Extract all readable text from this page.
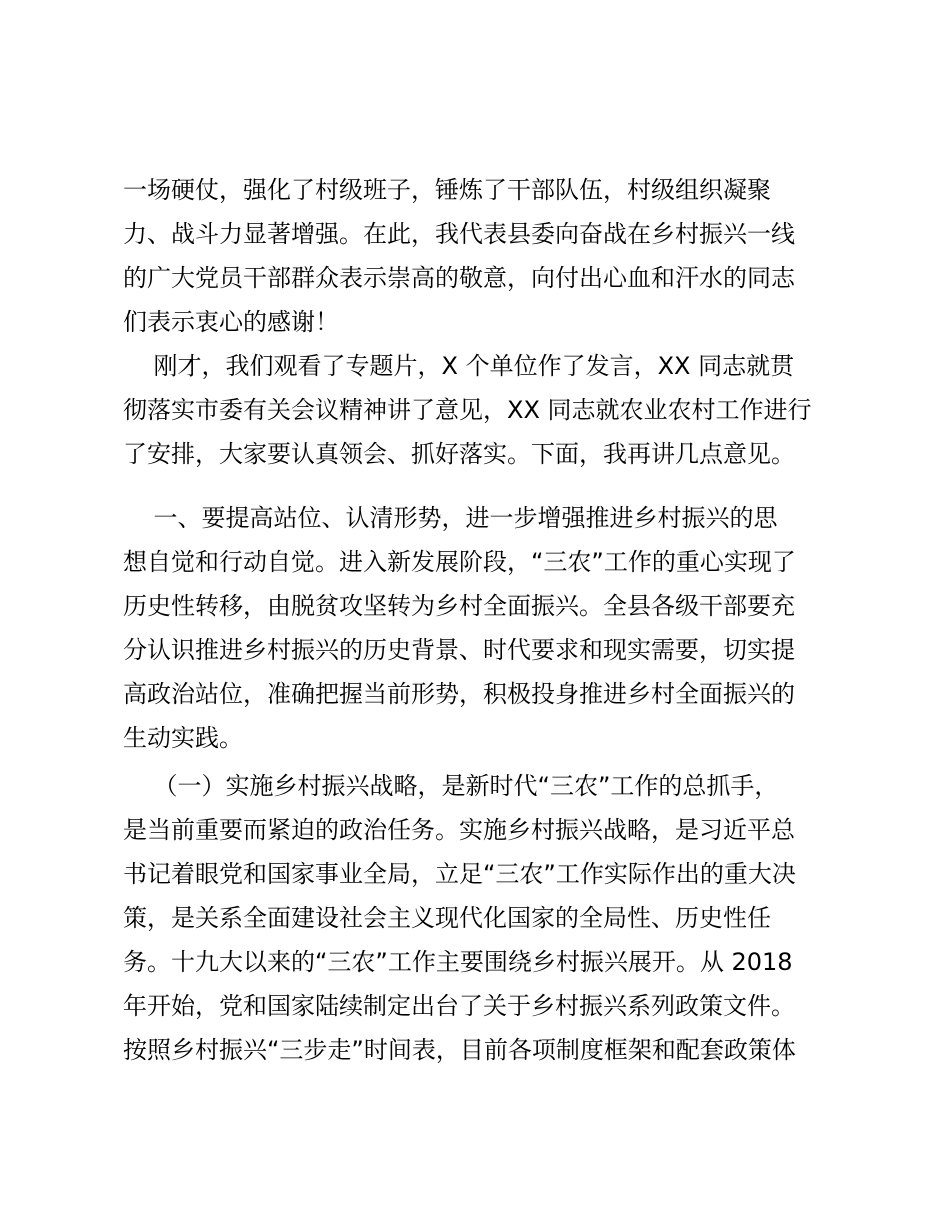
一场硬仗，强化了村级班子，锤炼了干部队伍，村级组织凝聚
力、战斗力显著增强。在此，我代表县委向奋战在乡村振兴一线
的广大党员干部群众表示崇高的敬意，向付出心血和汗水的同志
们表示衷心的感谢！
刚才，我们观看了专题片，X 个单位作了发言，XX 同志就贯
彻落实市委有关会议精神讲了意见，XX 同志就农业农村工作进行
了安排，大家要认真领会、抓好落实。下面，我再讲几点意见。
一、要提高站位、认清形势，进一步增强推进乡村振兴的思
想自觉和行动自觉。进入新发展阶段，“三农”工作的重心实现了
历史性转移，由脱贫攻坚转为乡村全面振兴。全县各级干部要充
分认识推进乡村振兴的历史背景、时代要求和现实需要，切实提
高政治站位，准确把握当前形势，积极投身推进乡村全面振兴的
生动实践。
（一）实施乡村振兴战略，是新时代“三农”工作的总抓手，
是当前重要而紧迫的政治任务。实施乡村振兴战略，是习近平总
书记着眼党和国家事业全局，立足“三农”工作实际作出的重大决
策，是关系全面建设社会主义现代化国家的全局性、历史性任
务。十九大以来的“三农”工作主要围绕乡村振兴展开。从 2018
年开始，党和国家陆续制定出台了关于乡村振兴系列政策文件。
按照乡村振兴“三步走”时间表，目前各项制度框架和配套政策体
